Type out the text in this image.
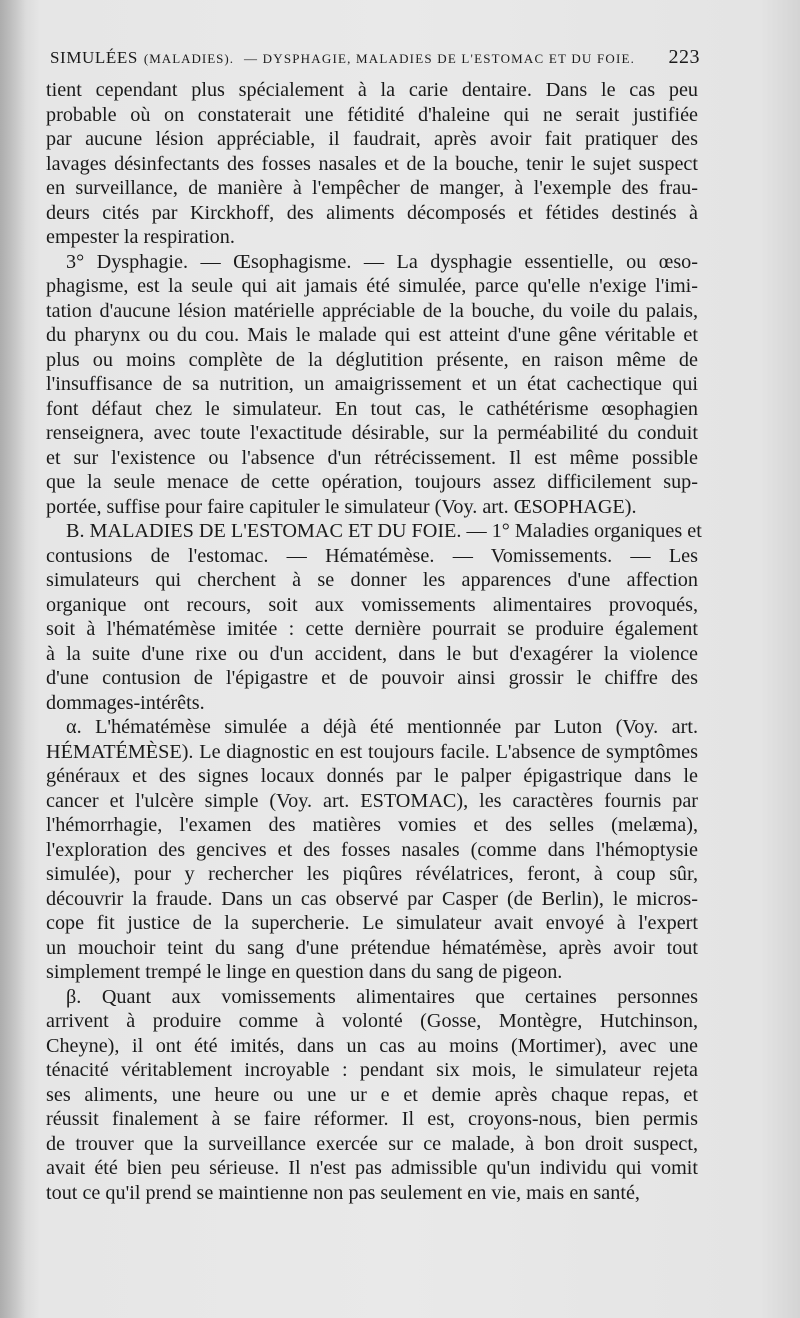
SIMULÉES (MALADIES). — DYSPHAGIE, MALADIES DE L'ESTOMAC ET DU FOIE. 223
tient cependant plus spécialement à la carie dentaire. Dans le cas peu
probable où on constaterait une fétidité d'haleine qui ne serait justifiée
par aucune lésion appréciable, il faudrait, après avoir fait pratiquer des
lavages désinfectants des fosses nasales et de la bouche, tenir le sujet suspect
en surveillance, de manière à l'empêcher de manger, à l'exemple des frau-
deurs cités par Kirckhoff, des aliments décomposés et fétides destinés à
empester la respiration.
3° Dysphagie. — Œsophagisme. — La dysphagie essentielle, ou œso-
phagisme, est la seule qui ait jamais été simulée, parce qu'elle n'exige l'imi-
tation d'aucune lésion matérielle appréciable de la bouche, du voile du palais,
du pharynx ou du cou. Mais le malade qui est atteint d'une gêne véritable et
plus ou moins complète de la déglutition présente, en raison même de
l'insuffisance de sa nutrition, un amaigrissement et un état cachectique qui
font défaut chez le simulateur. En tout cas, le cathétérisme œsophagien
renseignera, avec toute l'exactitude désirable, sur la perméabilité du conduit
et sur l'existence ou l'absence d'un rétrécissement. Il est même possible
que la seule menace de cette opération, toujours assez difficilement sup-
portée, suffise pour faire capituler le simulateur (Voy. art. ŒSOPHAGE).
B. MALADIES DE L'ESTOMAC ET DU FOIE. — 1° Maladies organiques et
contusions de l'estomac. — Hématémèse. — Vomissements. — Les
simulateurs qui cherchent à se donner les apparences d'une affection
organique ont recours, soit aux vomissements alimentaires provoqués,
soit à l'hématémèse imitée : cette dernière pourrait se produire également
à la suite d'une rixe ou d'un accident, dans le but d'exagérer la violence
d'une contusion de l'épigastre et de pouvoir ainsi grossir le chiffre des
dommages-intérêts.
α. L'hématémèse simulée a déjà été mentionnée par Luton (Voy. art.
HÉMATÉMÈSE). Le diagnostic en est toujours facile. L'absence de symptômes
généraux et des signes locaux donnés par le palper épigastrique dans le
cancer et l'ulcère simple (Voy. art. ESTOMAC), les caractères fournis par
l'hémorrhagie, l'examen des matières vomies et des selles (melæma),
l'exploration des gencives et des fosses nasales (comme dans l'hémoptysie
simulée), pour y rechercher les piqûres révélatrices, feront, à coup sûr,
découvrir la fraude. Dans un cas observé par Casper (de Berlin), le micros-
cope fit justice de la supercherie. Le simulateur avait envoyé à l'expert
un mouchoir teint du sang d'une prétendue hématémèse, après avoir tout
simplement trempé le linge en question dans du sang de pigeon.
β. Quant aux vomissements alimentaires que certaines personnes
arrivent à produire comme à volonté (Gosse, Montègre, Hutchinson,
Cheyne), il ont été imités, dans un cas au moins (Mortimer), avec une
ténacité véritablement incroyable : pendant six mois, le simulateur rejeta
ses aliments, une heure ou une ur e et demie après chaque repas, et
réussit finalement à se faire réformer. Il est, croyons-nous, bien permis
de trouver que la surveillance exercée sur ce malade, à bon droit suspect,
avait été bien peu sérieuse. Il n'est pas admissible qu'un individu qui vomit
tout ce qu'il prend se maintienne non pas seulement en vie, mais en santé,
